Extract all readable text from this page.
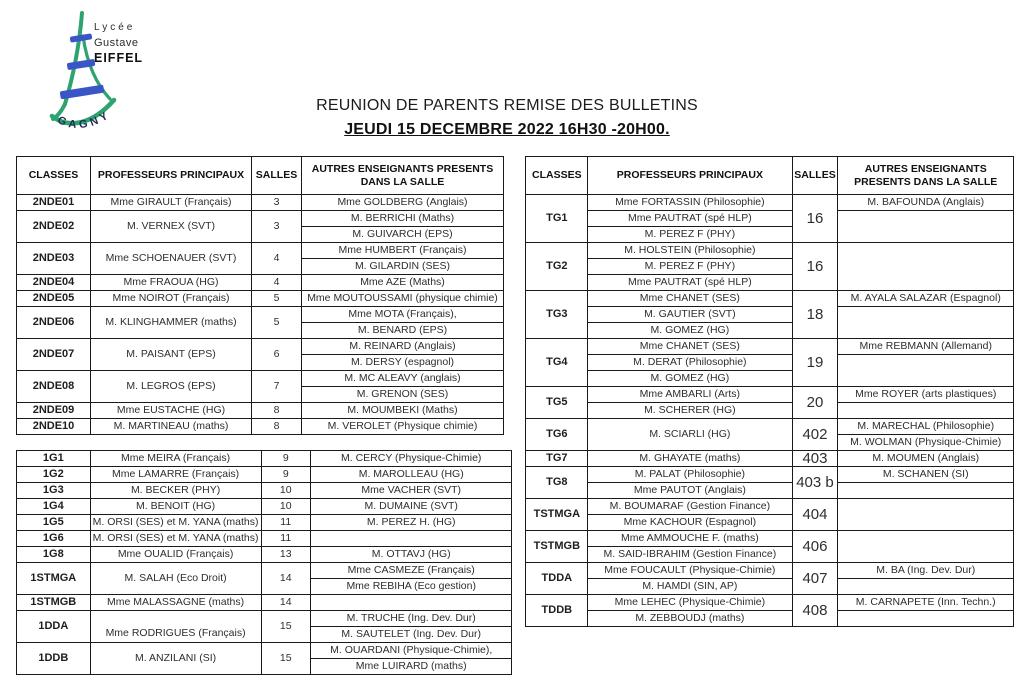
GAGNY
Lycée
Gustave
EIFFEL
REUNION DE PARENTS REMISE DES BULLETINS
JEUDI 15 DECEMBRE 2022 16H30 -20H00.
CLASSES	PROFESSEURS PRINCIPAUX	SALLES	AUTRES ENSEIGNANTS PRESENTS DANS LA SALLE
2NDE01	Mme GIRAULT (Français)	3	Mme GOLDBERG (Anglais)
2NDE02	M. VERNEX (SVT)	3	M. BERRICHI (Maths)
			M. GUIVARCH (EPS)
2NDE03	Mme SCHOENAUER (SVT)	4	Mme HUMBERT (Français)
			M. GILARDIN (SES)
2NDE04	Mme FRAOUA (HG)	4	Mme AZE (Maths)
2NDE05	Mme NOIROT (Français)	5	Mme MOUTOUSSAMI (physique chimie)
2NDE06	M. KLINGHAMMER (maths)	5	Mme MOTA (Français),
			M. BENARD (EPS)
2NDE07	M. PAISANT (EPS)	6	M. REINARD (Anglais)
			M. DERSY (espagnol)
2NDE08	M. LEGROS (EPS)	7	M. MC ALEAVY (anglais)
			M. GRENON (SES)
2NDE09	Mme EUSTACHE (HG)	8	M. MOUMBEKI (Maths)
2NDE10	M. MARTINEAU (maths)	8	M. VEROLET (Physique chimie)
1G1	Mme MEIRA (Français)	9	M. CERCY (Physique-Chimie)
1G2	Mme LAMARRE (Français)	9	M. MAROLLEAU (HG)
1G3	M. BECKER (PHY)	10	Mme VACHER (SVT)
1G4	M. BENOIT (HG)	10	M. DUMAINE (SVT)
1G5	M. ORSI (SES) et M. YANA (maths)	11	M. PEREZ H. (HG)
1G6	M. ORSI (SES) et M. YANA (maths)	11	
1G8	Mme OUALID (Français)	13	M. OTTAVJ (HG)
1STMGA	M. SALAH (Eco Droit)	14	Mme CASMEZE (Français)
			Mme REBIHA (Eco gestion)
1STMGB	Mme MALASSAGNE (maths)	14	
1DDA	Mme RODRIGUES (Français)	15	M. TRUCHE (Ing. Dev. Dur)
			M. SAUTELET (Ing. Dev. Dur)
1DDB	M. ANZILANI (SI)	15	M. OUARDANI (Physique-Chimie),
			Mme LUIRARD (maths)
CLASSES	PROFESSEURS PRINCIPAUX	SALLES	AUTRES ENSEIGNANTS PRESENTS DANS LA SALLE
TG1	Mme FORTASSIN (Philosophie)	16	M. BAFOUNDA (Anglais)
	Mme PAUTRAT (spé HLP)		
	M. PEREZ F (PHY)		
TG2	M. HOLSTEIN (Philosophie)	16	
	M. PEREZ F (PHY)		
	Mme PAUTRAT (spé HLP)		
TG3	Mme CHANET (SES)	18	M. AYALA SALAZAR (Espagnol)
	M. GAUTIER (SVT)		
	M. GOMEZ (HG)		
TG4	Mme CHANET (SES)	19	Mme REBMANN (Allemand)
	M. DERAT (Philosophie)		
	M. GOMEZ (HG)		
TG5	Mme AMBARLI (Arts)	20	Mme ROYER (arts plastiques)
	M. SCHERER (HG)		
TG6	M. SCIARLI (HG)	402	M. MARECHAL (Philosophie)
			M. WOLMAN (Physique-Chimie)
TG7	M. GHAYATE (maths)	403	M. MOUMEN (Anglais)
TG8	M. PALAT (Philosophie)	403 b	M. SCHANEN (SI)
	Mme PAUTOT (Anglais)		
TSTMGA	M. BOUMARAF (Gestion Finance)	404	
	Mme KACHOUR (Espagnol)		
TSTMGB	Mme AMMOUCHE F. (maths)	406	
	M. SAID-IBRAHIM (Gestion Finance)		
TDDA	Mme FOUCAULT (Physique-Chimie)	407	M. BA (Ing. Dev. Dur)
	M. HAMDI (SIN, AP)		
TDDB	Mme LEHEC (Physique-Chimie)	408	M. CARNAPETE (Inn. Techn.)
	M. ZEBBOUDJ (maths)		
